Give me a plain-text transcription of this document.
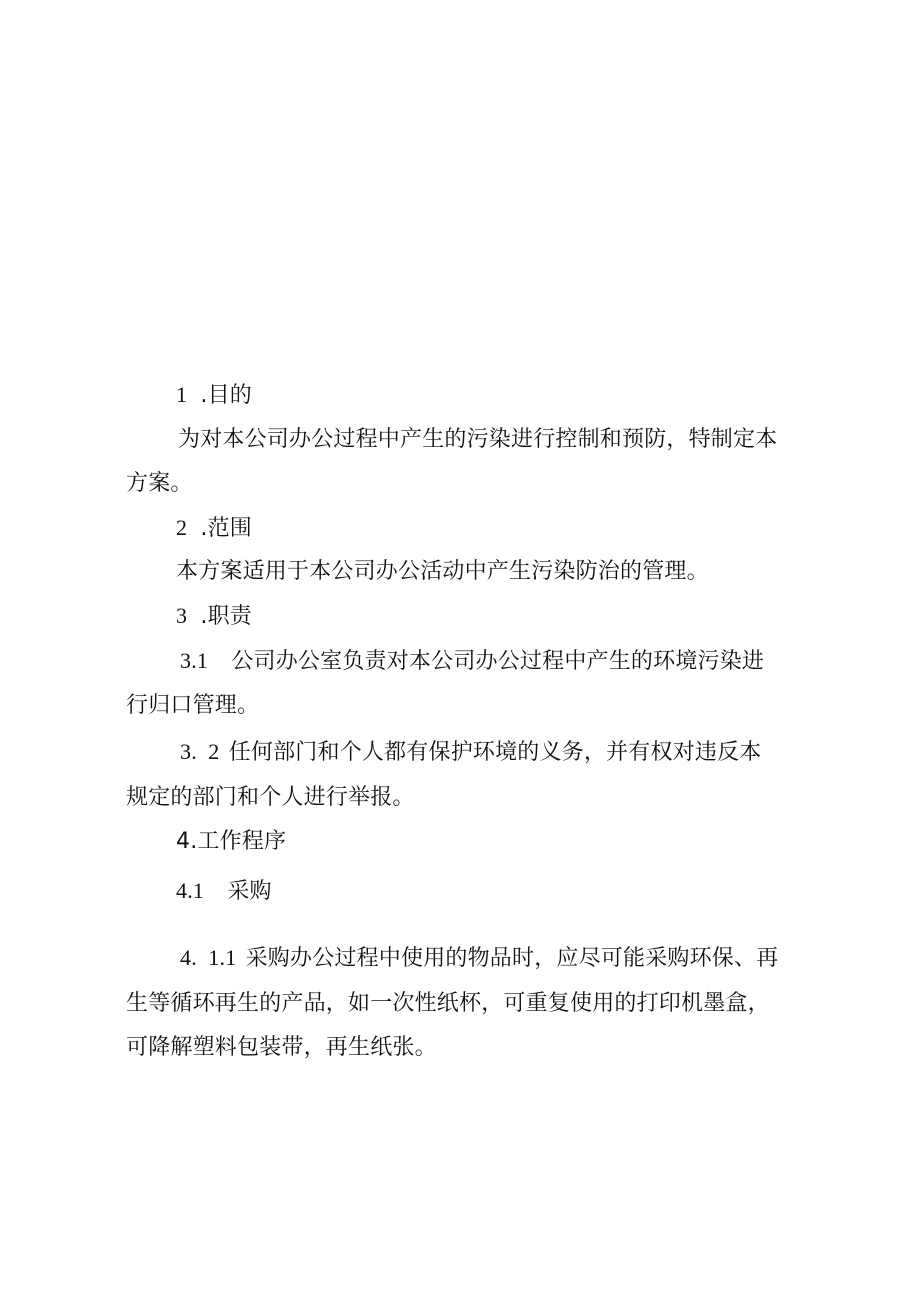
1 .目的
为对本公司办公过程中产生的污染进行控制和预防，特制定本
方案。
2 .范围
本方案适用于本公司办公活动中产生污染防治的管理。
3 .职责
3.1 公司办公室负责对本公司办公过程中产生的环境污染进
行归口管理。
3.  2 任何部门和个人都有保护环境的义务，并有权对违反本
规定的部门和个人进行举报。
4.工作程序
4.1 采购
4.  1.1 采购办公过程中使用的物品时，应尽可能采购环保、再
生等循环再生的产品，如一次性纸杯，可重复使用的打印机墨盒，
可降解塑料包装带，再生纸张。
